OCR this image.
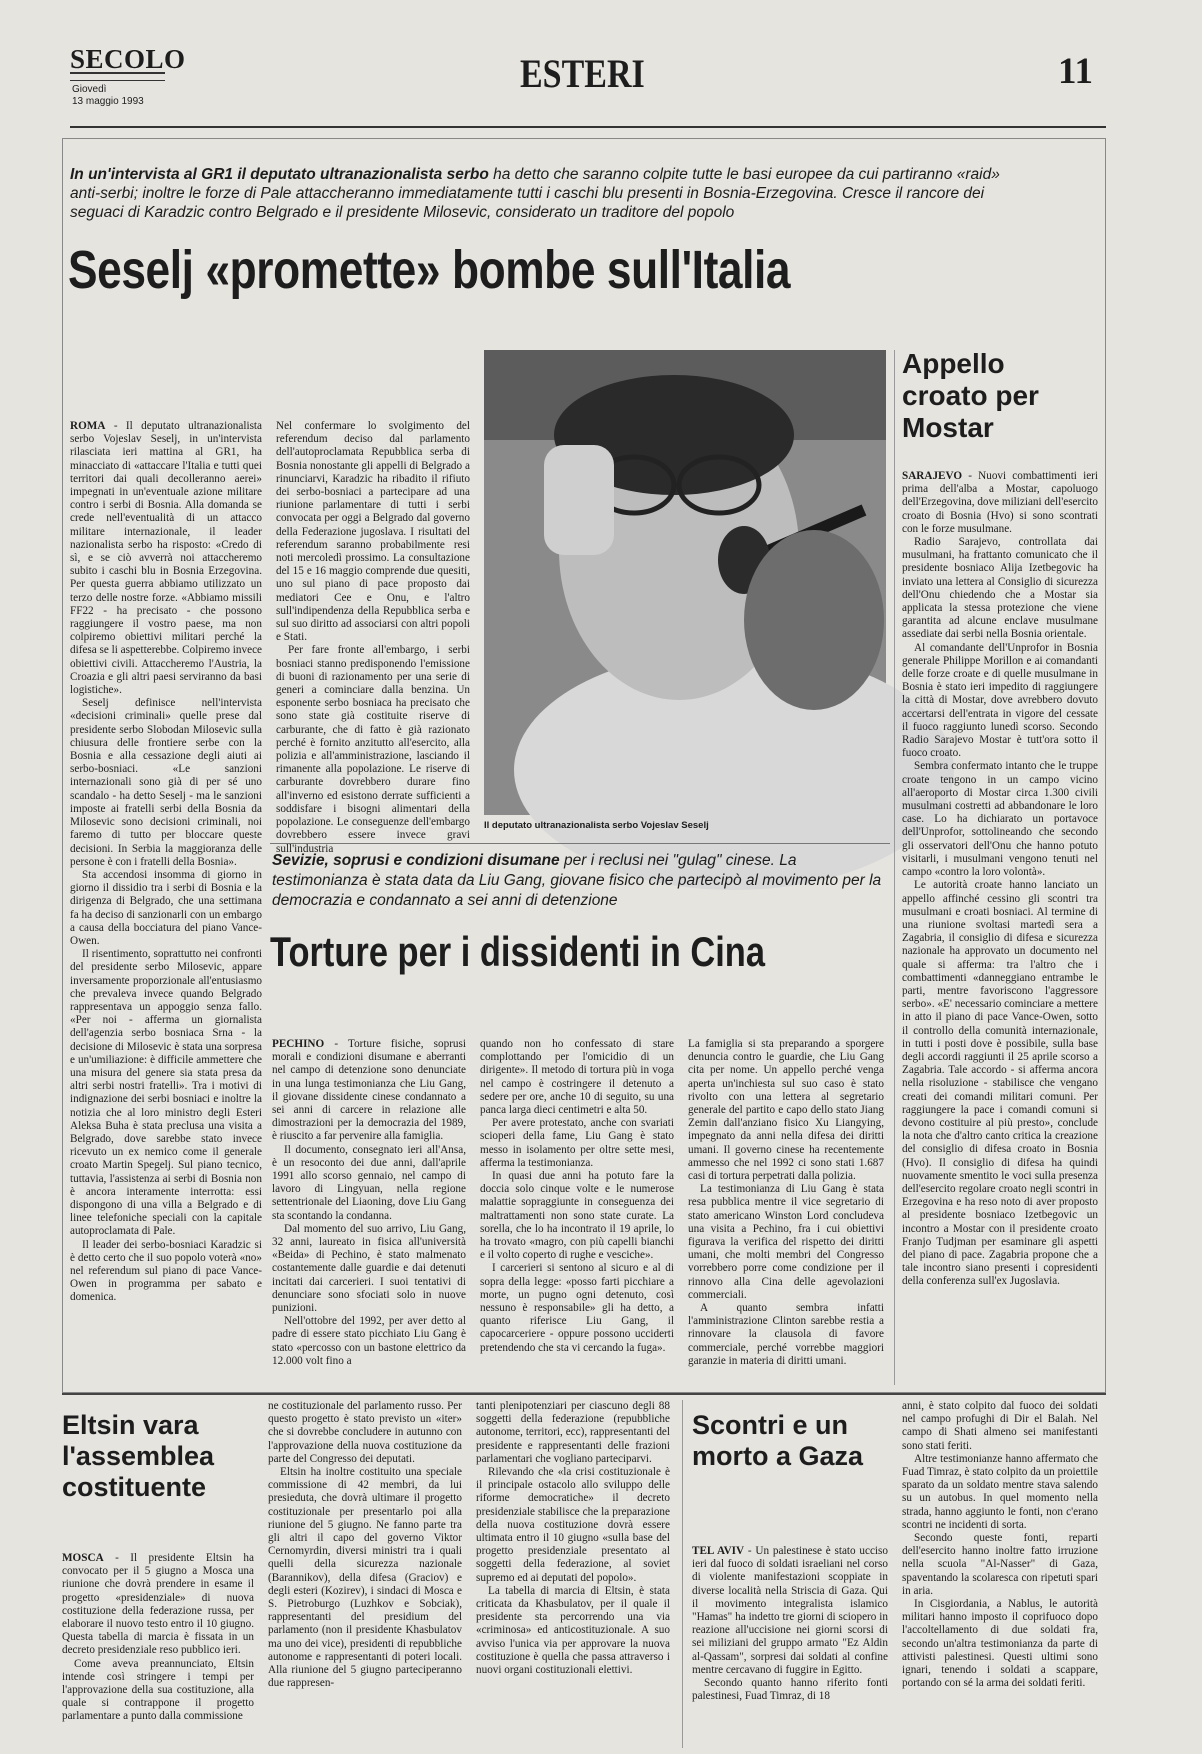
SECOLO
Giovedì
13 maggio 1993
ESTERI	11
In un'intervista al GR1 il deputato ultranazionalista serbo ha detto che saranno colpite tutte le basi europee da cui partiranno «raid» anti-serbi; inoltre le forze di Pale attaccheranno immediatamente tutti i caschi blu presenti in Bosnia-Erzegovina. Cresce il rancore dei seguaci di Karadzic contro Belgrado e il presidente Milosevic, considerato un traditore del popolo
Seselj «promette» bombe sull'Italia

ROMA - Il deputato ultranazionalista serbo Vojeslav Seselj, in un'intervista rilasciata ieri mattina al GR1, ha minacciato di «attaccare l'Italia e tutti quei territori dai quali decolleranno aerei» impegnati in un'eventuale azione militare contro i serbi di Bosnia. Alla domanda se crede nell'eventualità di un attacco militare internazionale, il leader nazionalista serbo ha risposto: «Credo di sì, e se ciò avverrà noi attaccheremo subito i caschi blu in Bosnia Erzegovina. Per questa guerra abbiamo utilizzato un terzo delle nostre forze. «Abbiamo missili FF22 - ha precisato - che possono raggiungere il vostro paese, ma non colpiremo obiettivi militari perché la difesa se li aspetterebbe. Colpiremo invece obiettivi civili. Attaccheremo l'Austria, la Croazia e gli altri paesi serviranno da basi logistiche».

Seselj definisce nell'intervista «decisioni criminali» quelle prese dal presidente serbo Slobodan Milosevic sulla chiusura delle frontiere serbe con la Bosnia e alla cessazione degli aiuti ai serbo-bosniaci. «Le sanzioni internazionali sono già di per sé uno scandalo - ha detto Seselj - ma le sanzioni imposte ai fratelli serbi della Bosnia da Milosevic sono decisioni criminali, noi faremo di tutto per bloccare queste decisioni. In Serbia la maggioranza delle persone è con i fratelli della Bosnia».

Sta accendosi insomma di giorno in giorno il dissidio tra i serbi di Bosnia e la dirigenza di Belgrado, che una settimana fa ha deciso di sanzionarli con un embargo a causa della bocciatura del piano Vance-Owen.

Il risentimento, soprattutto nei confronti del presidente serbo Milosevic, appare inversamente proporzionale all'entusiasmo che prevaleva invece quando Belgrado rappresentava un appoggio senza fallo. «Per noi - afferma un giornalista dell'agenzia serbo bosniaca Srna - la decisione di Milosevic è stata una sorpresa e un'umiliazione: è difficile ammettere che una misura del genere sia stata presa da altri serbi nostri fratelli». Tra i motivi di indignazione dei serbi bosniaci e inoltre la notizia che al loro ministro degli Esteri Aleksa Buha è stata preclusa una visita a Belgrado, dove sarebbe stato invece ricevuto un ex nemico come il generale croato Martin Spegelj. Sul piano tecnico, tuttavia, l'assistenza ai serbi di Bosnia non è ancora interamente interrotta: essi dispongono di una villa a Belgrado e di linee telefoniche speciali con la capitale autoproclamata di Pale.

Il leader dei serbo-bosniaci Karadzic si è detto certo che il suo popolo voterà «no» nel referendum sul piano di pace Vance-Owen in programma per sabato e domenica.

Nel confermare lo svolgimento del referendum deciso dal parlamento dell'autoproclamata Repubblica serba di Bosnia nonostante gli appelli di Belgrado a rinunciarvi, Karadzic ha ribadito il rifiuto dei serbo-bosniaci a partecipare ad una riunione parlamentare di tutti i serbi convocata per oggi a Belgrado dal governo della Federazione jugoslava. I risultati del referendum saranno probabilmente resi noti mercoledì prossimo. La consultazione del 15 e 16 maggio comprende due quesiti, uno sul piano di pace proposto dai mediatori Cee e Onu, e l'altro sull'indipendenza della Repubblica serba e sul suo diritto ad associarsi con altri popoli e Stati.

Per fare fronte all'embargo, i serbi bosniaci stanno predisponendo l'emissione di buoni di razionamento per una serie di generi a cominciare dalla benzina. Un esponente serbo bosniaca ha precisato che sono state già costituite riserve di carburante, che di fatto è già razionato perché è fornito anzitutto all'esercito, alla polizia e all'amministrazione, lasciando il rimanente alla popolazione. Le riserve di carburante dovrebbero durare fino all'inverno ed esistono derrate sufficienti a soddisfare i bisogni alimentari della popolazione. Le conseguenze dell'embargo dovrebbero essere invece gravi sull'industria

Il deputato ultranazionalista serbo Vojeslav Seselj
Appello croato per Mostar

SARAJEVO - Nuovi combattimenti ieri prima dell'alba a Mostar, capoluogo dell'Erzegovina, dove miliziani dell'esercito croato di Bosnia (Hvo) si sono scontrati con le forze musulmane.

Radio Sarajevo, controllata dai musulmani, ha frattanto comunicato che il presidente bosniaco Alija Izetbegovic ha inviato una lettera al Consiglio di sicurezza dell'Onu chiedendo che a Mostar sia applicata la stessa protezione che viene garantita ad alcune enclave musulmane assediate dai serbi nella Bosnia orientale.

Al comandante dell'Unprofor in Bosnia generale Philippe Morillon e ai comandanti delle forze croate e di quelle musulmane in Bosnia è stato ieri impedito di raggiungere la città di Mostar, dove avrebbero dovuto accertarsi dell'entrata in vigore del cessate il fuoco raggiunto lunedì scorso. Secondo Radio Sarajevo Mostar è tutt'ora sotto il fuoco croato.

Sembra confermato intanto che le truppe croate tengono in un campo vicino all'aeroporto di Mostar circa 1.300 civili musulmani costretti ad abbandonare le loro case. Lo ha dichiarato un portavoce dell'Unprofor, sottolineando che secondo gli osservatori dell'Onu che hanno potuto visitarli, i musulmani vengono tenuti nel campo «contro la loro volontà».

Le autorità croate hanno lanciato un appello affinché cessino gli scontri tra musulmani e croati bosniaci. Al termine di una riunione svoltasi martedì sera a Zagabria, il consiglio di difesa e sicurezza nazionale ha approvato un documento nel quale si afferma: tra l'altro che i combattimenti «danneggiano entrambe le parti, mentre favoriscono l'aggressore serbo». «E' necessario cominciare a mettere in atto il piano di pace Vance-Owen, sotto il controllo della comunità internazionale, in tutti i posti dove è possibile, sulla base degli accordi raggiunti il 25 aprile scorso a Zagabria. Tale accordo - si afferma ancora nella risoluzione - stabilisce che vengano creati dei comandi militari comuni. Per raggiungere la pace i comandi comuni si devono costituire al più presto», conclude la nota che d'altro canto critica la creazione del consiglio di difesa croato in Bosnia (Hvo). Il consiglio di difesa ha quindi nuovamente smentito le voci sulla presenza dell'esercito regolare croato negli scontri in Erzegovina e ha reso noto di aver proposto al presidente bosniaco Izetbegovic un incontro a Mostar con il presidente croato Franjo Tudjman per esaminare gli aspetti del piano di pace. Zagabria propone che a tale incontro siano presenti i copresidenti della conferenza sull'ex Jugoslavia.

Sevizie, soprusi e condizioni disumane per i reclusi nei "gulag" cinese. La testimonianza è stata data da Liu Gang, giovane fisico che partecipò al movimento per la democrazia e condannato a sei anni di detenzione
Torture per i dissidenti in Cina

PECHINO - Torture fisiche, soprusi morali e condizioni disumane e aberranti nel campo di detenzione sono denunciate in una lunga testimonianza che Liu Gang, il giovane dissidente cinese condannato a sei anni di carcere in relazione alle dimostrazioni per la democrazia del 1989, è riuscito a far pervenire alla famiglia.

Il documento, consegnato ieri all'Ansa, è un resoconto dei due anni, dall'aprile 1991 allo scorso gennaio, nel campo di lavoro di Lingyuan, nella regione settentrionale del Liaoning, dove Liu Gang sta scontando la condanna.

Dal momento del suo arrivo, Liu Gang, 32 anni, laureato in fisica all'università «Beida» di Pechino, è stato malmenato costantemente dalle guardie e dai detenuti incitati dai carcerieri. I suoi tentativi di denunciare sono sfociati solo in nuove punizioni.

Nell'ottobre del 1992, per aver detto al padre di essere stato picchiato Liu Gang è stato «percosso con un bastone elettrico da 12.000 volt fino a

quando non ho confessato di stare complottando per l'omicidio di un dirigente». Il metodo di tortura più in voga nel campo è costringere il detenuto a sedere per ore, anche 10 di seguito, su una panca larga dieci centimetri e alta 50.

Per avere protestato, anche con svariati scioperi della fame, Liu Gang è stato messo in isolamento per oltre sette mesi, afferma la testimonianza.

In quasi due anni ha potuto fare la doccia solo cinque volte e le numerose malattie sopraggiunte in conseguenza dei maltrattamenti non sono state curate. La sorella, che lo ha incontrato il 19 aprile, lo ha trovato «magro, con più capelli bianchi e il volto coperto di rughe e vesciche».

I carcerieri si sentono al sicuro e al di sopra della legge: «posso farti picchiare a morte, un pugno ogni detenuto, così nessuno è responsabile» gli ha detto, a quanto riferisce Liu Gang, il capocarceriere - oppure possono ucciderti pretendendo che sta vi cercando la fuga».

La famiglia si sta preparando a sporgere denuncia contro le guardie, che Liu Gang cita per nome. Un appello perché venga aperta un'inchiesta sul suo caso è stato rivolto con una lettera al segretario generale del partito e capo dello stato Jiang Zemin dall'anziano fisico Xu Liangying, impegnato da anni nella difesa dei diritti umani. Il governo cinese ha recentemente ammesso che nel 1992 ci sono stati 1.687 casi di tortura perpetrati dalla polizia.

La testimonianza di Liu Gang è stata resa pubblica mentre il vice segretario di stato americano Winston Lord concludeva una visita a Pechino, fra i cui obiettivi figurava la verifica del rispetto dei diritti umani, che molti membri del Congresso vorrebbero porre come condizione per il rinnovo alla Cina delle agevolazioni commerciali.

A quanto sembra infatti l'amministrazione Clinton sarebbe restia a rinnovare la clausola di favore commerciale, perché vorrebbe maggiori garanzie in materia di diritti umani.

Eltsin vara l'assemblea costituente

MOSCA - Il presidente Eltsin ha convocato per il 5 giugno a Mosca una riunione che dovrà prendere in esame il progetto «presidenziale» di nuova costituzione della federazione russa, per elaborare il nuovo testo entro il 10 giugno. Questa tabella di marcia è fissata in un decreto presidenziale reso pubblico ieri.

Come aveva preannunciato, Eltsin intende così stringere i tempi per l'approvazione della sua costituzione, alla quale si contrappone il progetto parlamentare a punto dalla commissione

ne costituzionale del parlamento russo. Per questo progetto è stato previsto un «iter» che si dovrebbe concludere in autunno con l'approvazione della nuova costituzione da parte del Congresso dei deputati.

Eltsin ha inoltre costituito una speciale commissione di 42 membri, da lui presieduta, che dovrà ultimare il progetto costituzionale per presentarlo poi alla riunione del 5 giugno. Ne fanno parte tra gli altri il capo del governo Viktor Cernomyrdin, diversi ministri tra i quali quelli della sicurezza nazionale (Barannikov), della difesa (Graciov) e degli esteri (Kozirev), i sindaci di Mosca e S. Pietroburgo (Luzhkov e Sobciak), rappresentanti del presidium del parlamento (non il presidente Khasbulatov ma uno dei vice), presidenti di repubbliche autonome e rappresentanti di poteri locali. Alla riunione del 5 giugno parteciperanno due rappresen-

tanti plenipotenziari per ciascuno degli 88 soggetti della federazione (repubbliche autonome, territori, ecc), rappresentanti del presidente e rappresentanti delle frazioni parlamentari che vogliano parteciparvi.

Rilevando che «la crisi costituzionale è il principale ostacolo allo sviluppo delle riforme democratiche» il decreto presidenziale stabilisce che la preparazione della nuova costituzione dovrà essere ultimata entro il 10 giugno «sulla base del progetto presidenziale presentato al soggetti della federazione, al soviet supremo ed ai deputati del popolo».

La tabella di marcia di Eltsin, è stata criticata da Khasbulatov, per il quale il presidente sta percorrendo una via «criminosa» ed anticostituzionale. A suo avviso l'unica via per approvare la nuova costituzione è quella che passa attraverso i nuovi organi costituzionali elettivi.

Scontri e un morto a Gaza

TEL AVIV - Un palestinese è stato ucciso ieri dal fuoco di soldati israeliani nel corso di violente manifestazioni scoppiate in diverse località nella Striscia di Gaza. Qui il movimento integralista islamico "Hamas" ha indetto tre giorni di sciopero in reazione all'uccisione nei giorni scorsi di sei miliziani del gruppo armato "Ez Aldin al-Qassam", sorpresi dai soldati al confine mentre cercavano di fuggire in Egitto.

Secondo quanto hanno riferito fonti palestinesi, Fuad Timraz, di 18

anni, è stato colpito dal fuoco dei soldati nel campo profughi di Dir el Balah. Nel campo di Shati almeno sei manifestanti sono stati feriti.

Altre testimonianze hanno affermato che Fuad Timraz, è stato colpito da un proiettile sparato da un soldato mentre stava salendo su un autobus. In quel momento nella strada, hanno aggiunto le fonti, non c'erano scontri ne incidenti di sorta.

Secondo queste fonti, reparti dell'esercito hanno inoltre fatto irruzione nella scuola "Al-Nasser" di Gaza, spaventando la scolaresca con ripetuti spari in aria.

In Cisgiordania, a Nablus, le autorità militari hanno imposto il coprifuoco dopo l'accoltellamento di due soldati fra, secondo un'altra testimonianza da parte di attivisti palestinesi. Questi ultimi sono ignari, tenendo i soldati a scappare, portando con sé la arma dei soldati feriti.
